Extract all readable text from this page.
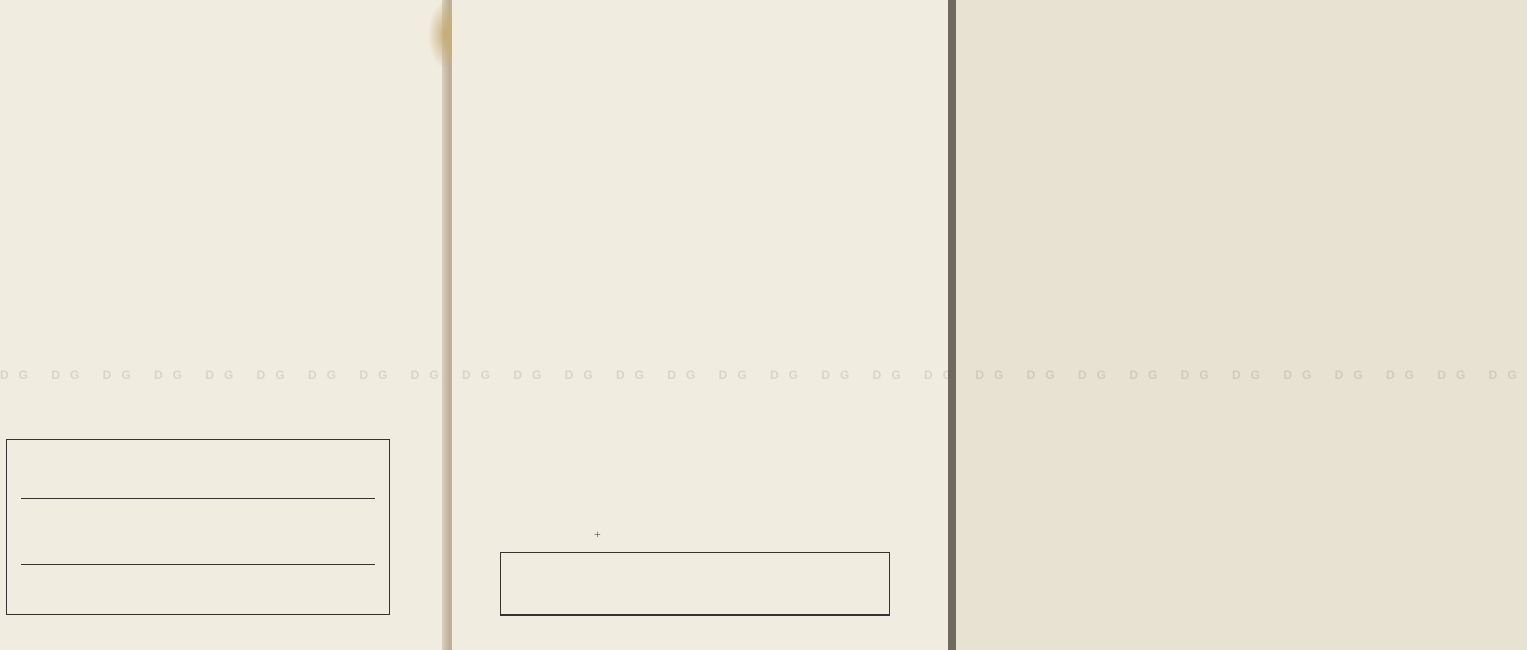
+
DG DG DG DG DG DG DG DG DG DG DG DG DG DG DG DG DG DG DG DG DG DG DG DG DG DG DG DG DG DG
